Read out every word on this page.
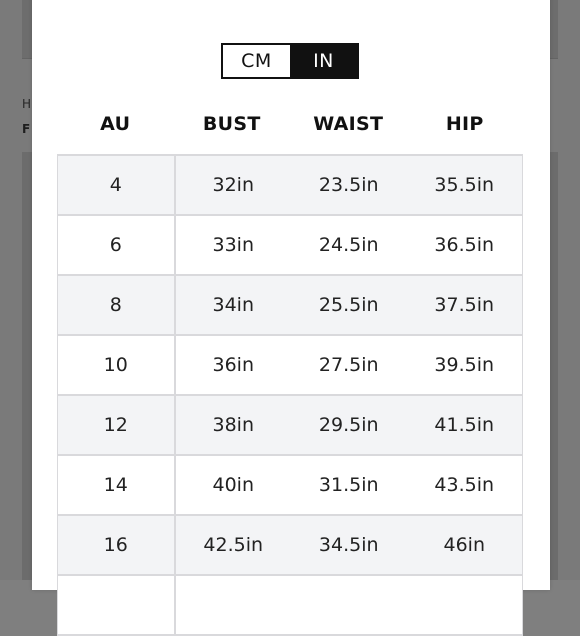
H
F
CM	IN
AU	BUST	WAIST	HIP
4	32in	23.5in	35.5in
6	33in	24.5in	36.5in
8	34in	25.5in	37.5in
10	36in	27.5in	39.5in
12	38in	29.5in	41.5in
14	40in	31.5in	43.5in
16	42.5in	34.5in	46in
